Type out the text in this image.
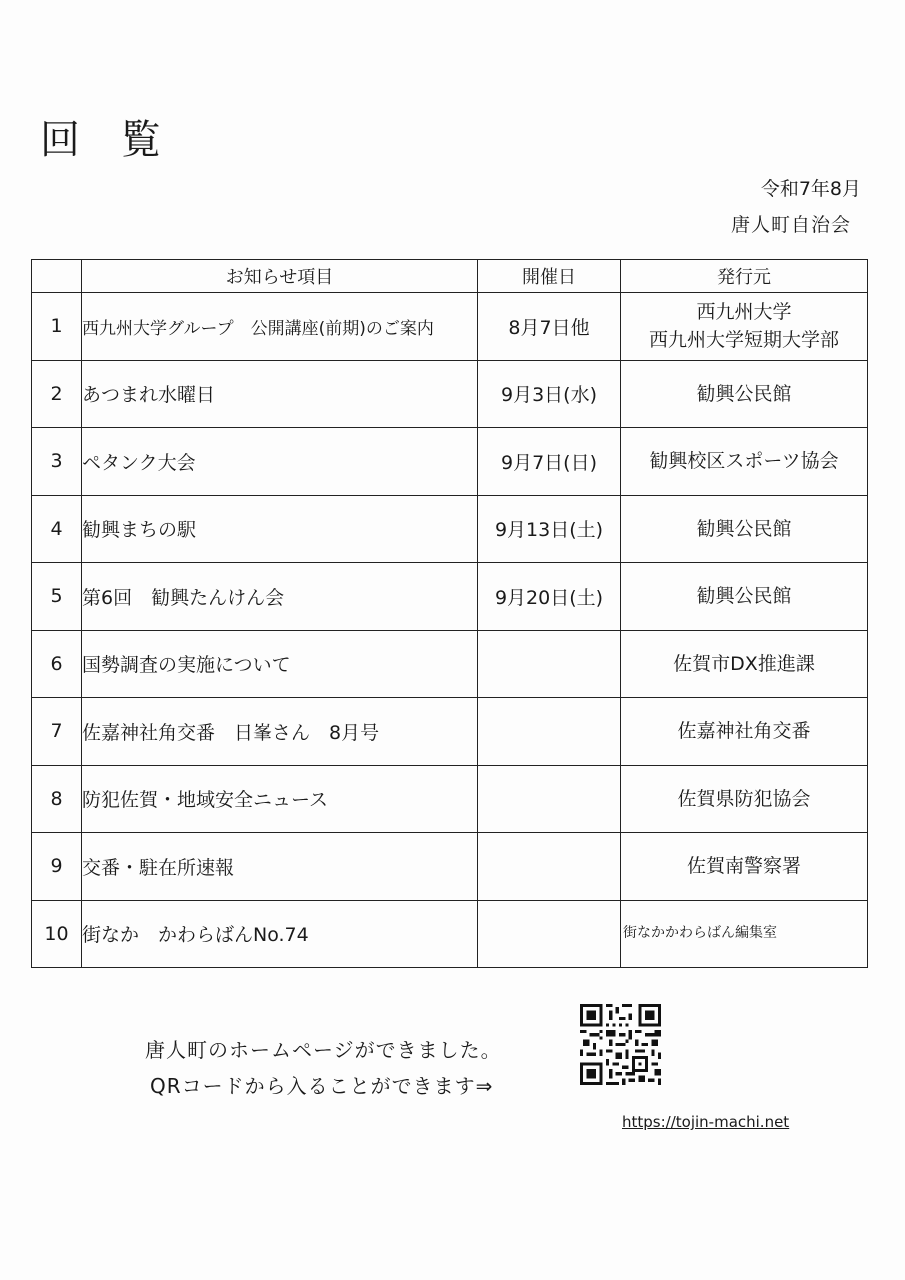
回 覧
令和7年8月
唐人町自治会
	お知らせ項目	開催日	発行元
1	西九州大学グループ　公開講座(前期)のご案内	8月7日他	西九州大学
西九州大学短期大学部

2	あつまれ水曜日	9月3日(水)	勧興公民館
3	ペタンク大会	9月7日(日)	勧興校区スポーツ協会
4	勧興まちの駅	9月13日(土)	勧興公民館
5	第6回　勧興たんけん会	9月20日(土)	勧興公民館
6	国勢調査の実施について		佐賀市DX推進課
7	佐嘉神社角交番　日峯さん　8月号		佐嘉神社角交番
8	防犯佐賀・地域安全ニュース		佐賀県防犯協会
9	交番・駐在所速報		佐賀南警察署
10	街なか　かわらばんNo.74		街なかかわらばん編集室
唐人町のホームページができました。
QRコードから入ることができます⇒
https://tojin-machi.net
